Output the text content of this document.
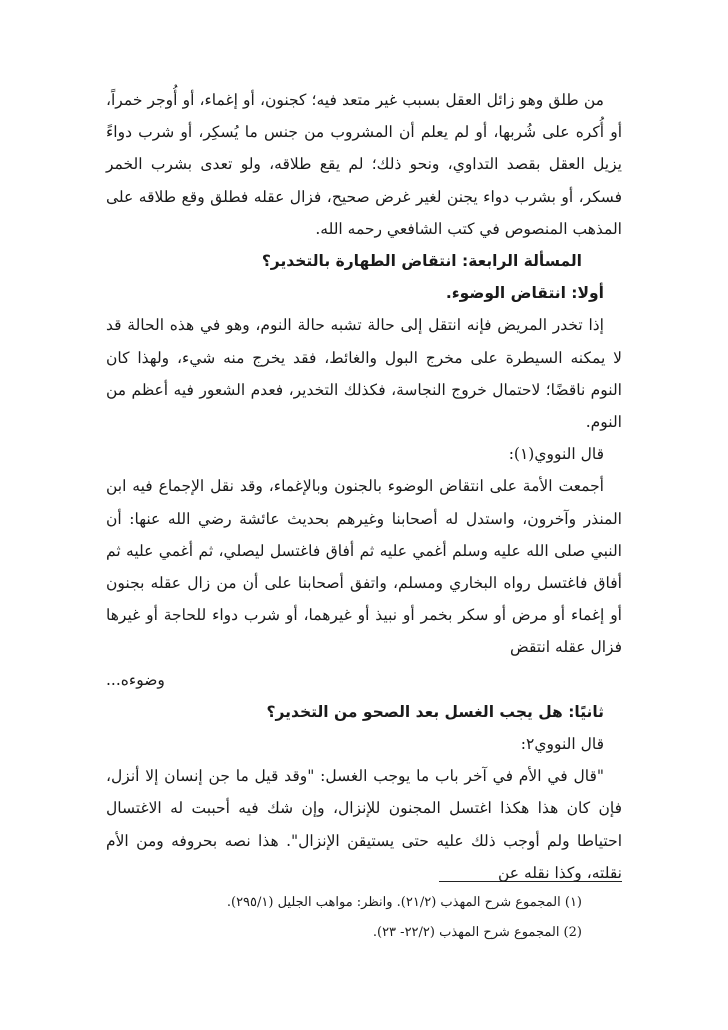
من طلق وهو زائل العقل بسبب غير متعد فيه؛ كجنون، أو إغماء، أو أُوجر خمراً، أو أُكره على شُربها، أو لم يعلم أن المشروب من جنس ما يُسكِر، أو شرب دواءً يزيل العقل بقصد التداوي، ونحو ذلك؛ لم يقع طلاقه، ولو تعدى بشرب الخمر فسكر، أو بشرب دواء يجنن لغير غرض صحيح، فزال عقله فطلق وقع طلاقه على المذهب المنصوص في كتب الشافعي رحمه الله.

المسألة الرابعة: انتقاض الطهارة بالتخدير؟

أولا: انتقاض الوضوء.

إذا تخدر المريض فإنه انتقل إلى حالة تشبه حالة النوم، وهو في هذه الحالة قد لا يمكنه السيطرة على مخرج البول والغائط، فقد يخرج منه شيء، ولهذا كان النوم ناقضًا؛ لاحتمال خروج النجاسة، فكذلك التخدير، فعدم الشعور فيه أعظم من النوم.

قال النووي(١):

أجمعت الأمة على انتقاض الوضوء بالجنون وبالإغماء، وقد نقل الإجماع فيه ابن المنذر وآخرون، واستدل له أصحابنا وغيرهم بحديث عائشة رضي الله عنها: أن النبي صلى الله عليه وسلم أغمي عليه ثم أفاق فاغتسل ليصلي، ثم أغمي عليه ثم أفاق فاغتسل رواه البخاري ومسلم، واتفق أصحابنا على أن من زال عقله بجنون أو إغماء أو مرض أو سكر بخمر أو نبيذ أو غيرهما، أو شرب دواء للحاجة أو غيرها فزال عقله انتقض

وضوءه...

ثانيًا: هل يجب الغسل بعد الصحو من التخدير؟

قال النووي٢:

"قال في الأم في آخر باب ما يوجب الغسل: "وقد قيل ما جن إنسان إلا أنزل، فإن كان هذا هكذا اغتسل المجنون للإنزال، وإن شك فيه أحببت له الاغتسال احتياطا ولم أوجب ذلك عليه حتى يستيقن الإنزال". هذا نصه بحروفه ومن الأم نقلته، وكذا نقله عن

(١) المجموع شرح المهذب (٢١/٢). وانظر: مواهب الجليل (٢٩٥/١).

(2) المجموع شرح المهذب (٢٢/٢- ٢٣).
